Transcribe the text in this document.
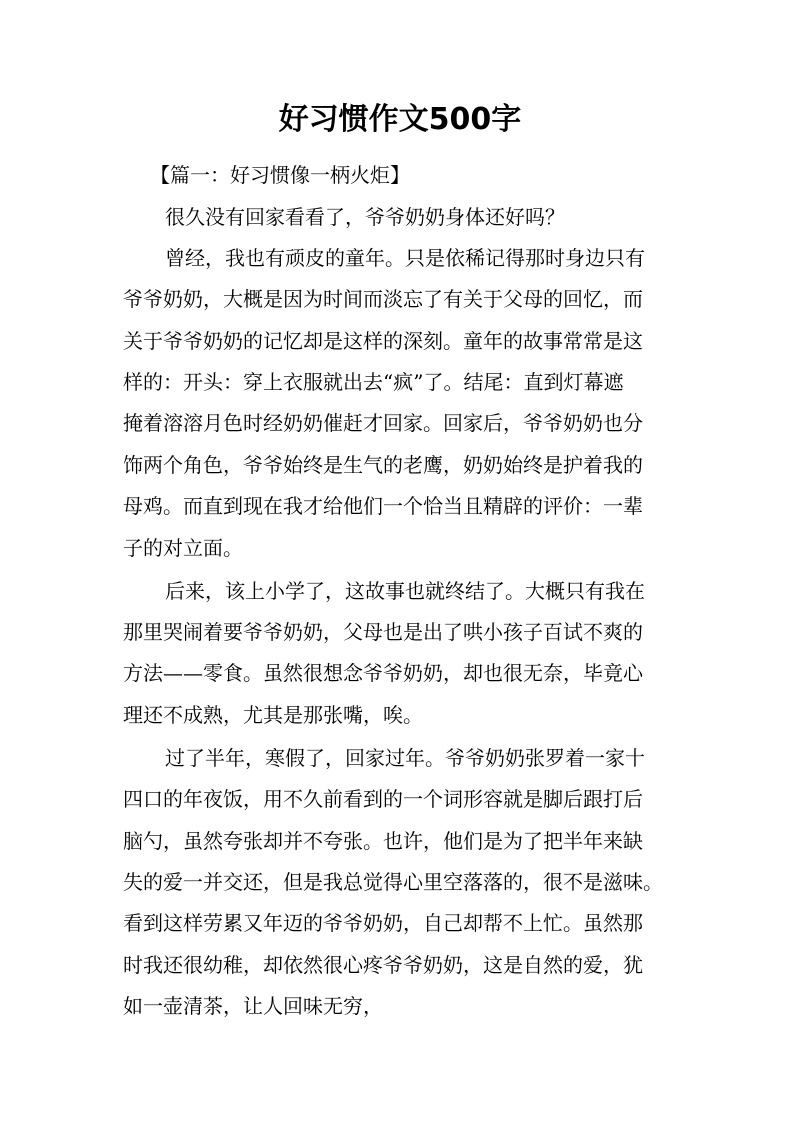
好习惯作文500字

【篇一：好习惯像一柄火炬】

很久没有回家看看了，爷爷奶奶身体还好吗？

曾经，我也有顽皮的童年。只是依稀记得那时身边只有

爷爷奶奶，大概是因为时间而淡忘了有关于父母的回忆，而

关于爷爷奶奶的记忆却是这样的深刻。童年的故事常常是这

样的：开头：穿上衣服就出去“疯”了。结尾：直到灯幕遮

掩着溶溶月色时经奶奶催赶才回家。回家后，爷爷奶奶也分

饰两个角色，爷爷始终是生气的老鹰，奶奶始终是护着我的

母鸡。而直到现在我才给他们一个恰当且精辟的评价：一辈

子的对立面。

后来，该上小学了，这故事也就终结了。大概只有我在

那里哭闹着要爷爷奶奶，父母也是出了哄小孩子百试不爽的

方法——零食。虽然很想念爷爷奶奶，却也很无奈，毕竟心

理还不成熟，尤其是那张嘴，唉。

过了半年，寒假了，回家过年。爷爷奶奶张罗着一家十

四口的年夜饭，用不久前看到的一个词形容就是脚后跟打后

脑勺，虽然夸张却并不夸张。也许，他们是为了把半年来缺

失的爱一并交还，但是我总觉得心里空落落的，很不是滋味。

看到这样劳累又年迈的爷爷奶奶，自己却帮不上忙。虽然那

时我还很幼稚，却依然很心疼爷爷奶奶，这是自然的爱，犹

如一壶清茶，让人回味无穷，
